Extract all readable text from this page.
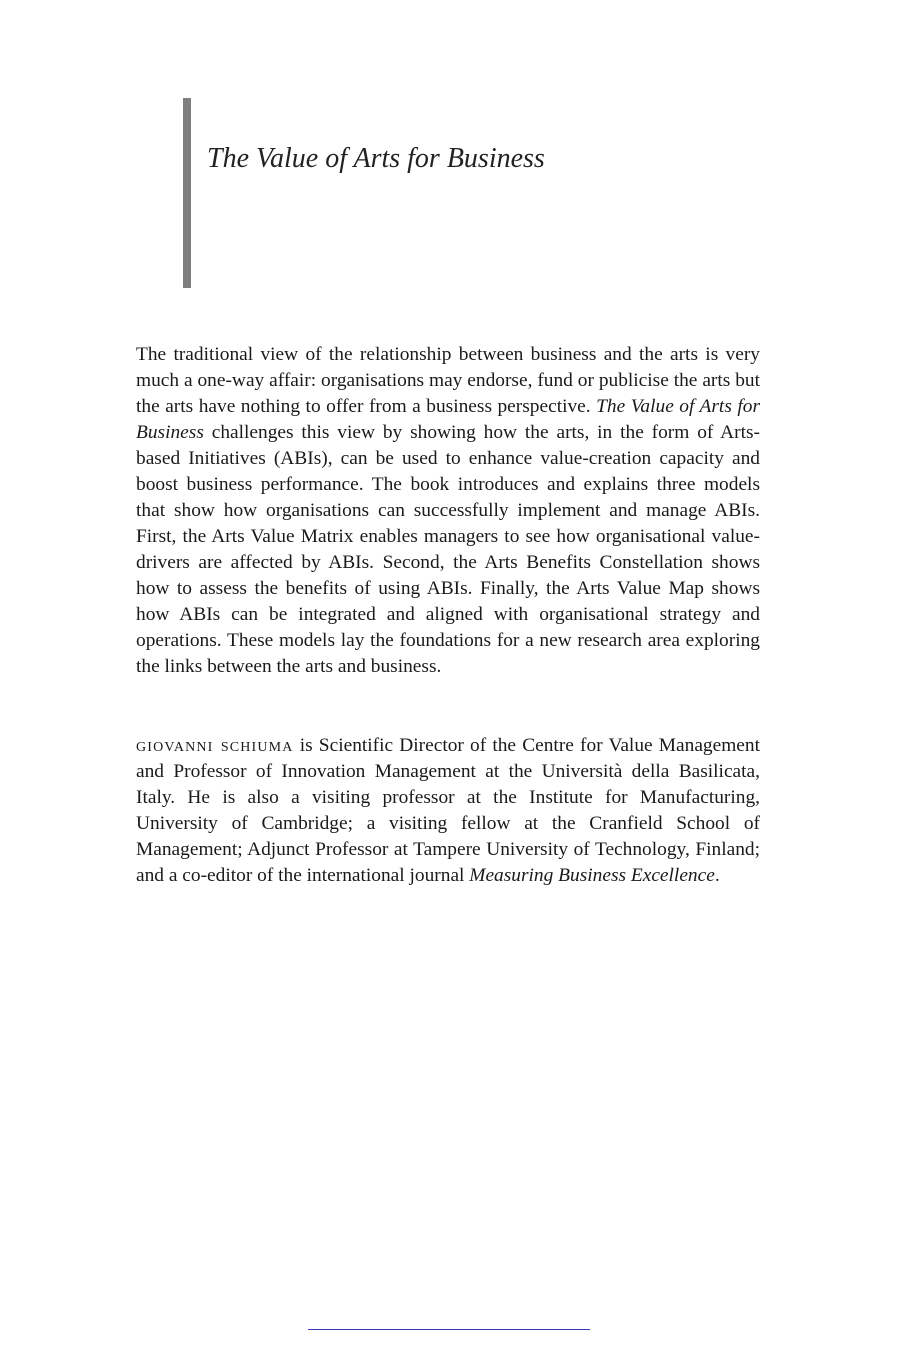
The Value of Arts for Business

The traditional view of the relationship between business and the arts is very much a one-way affair: organisations may endorse, fund or publicise the arts but the arts have nothing to offer from a business perspective. The Value of Arts for Business challenges this view by showing how the arts, in the form of Arts-based Initiatives (ABIs), can be used to enhance value-creation capacity and boost business performance. The book introduces and explains three models that show how organisations can successfully implement and manage ABIs. First, the Arts Value Matrix enables managers to see how organisational value-drivers are affected by ABIs. Second, the Arts Benefits Constellation shows how to assess the benefits of using ABIs. Finally, the Arts Value Map shows how ABIs can be integrated and aligned with organisational strategy and operations. These models lay the foundations for a new research area exploring the links between the arts and business.

giovanni schiuma is Scientific Director of the Centre for Value Management and Professor of Innovation Management at the Università della Basilicata, Italy. He is also a visiting professor at the Institute for Manufacturing, University of Cambridge; a visiting fellow at the Cranfield School of Management; Adjunct Professor at Tampere University of Technology, Finland; and a co-editor of the international journal Measuring Business Excellence.
